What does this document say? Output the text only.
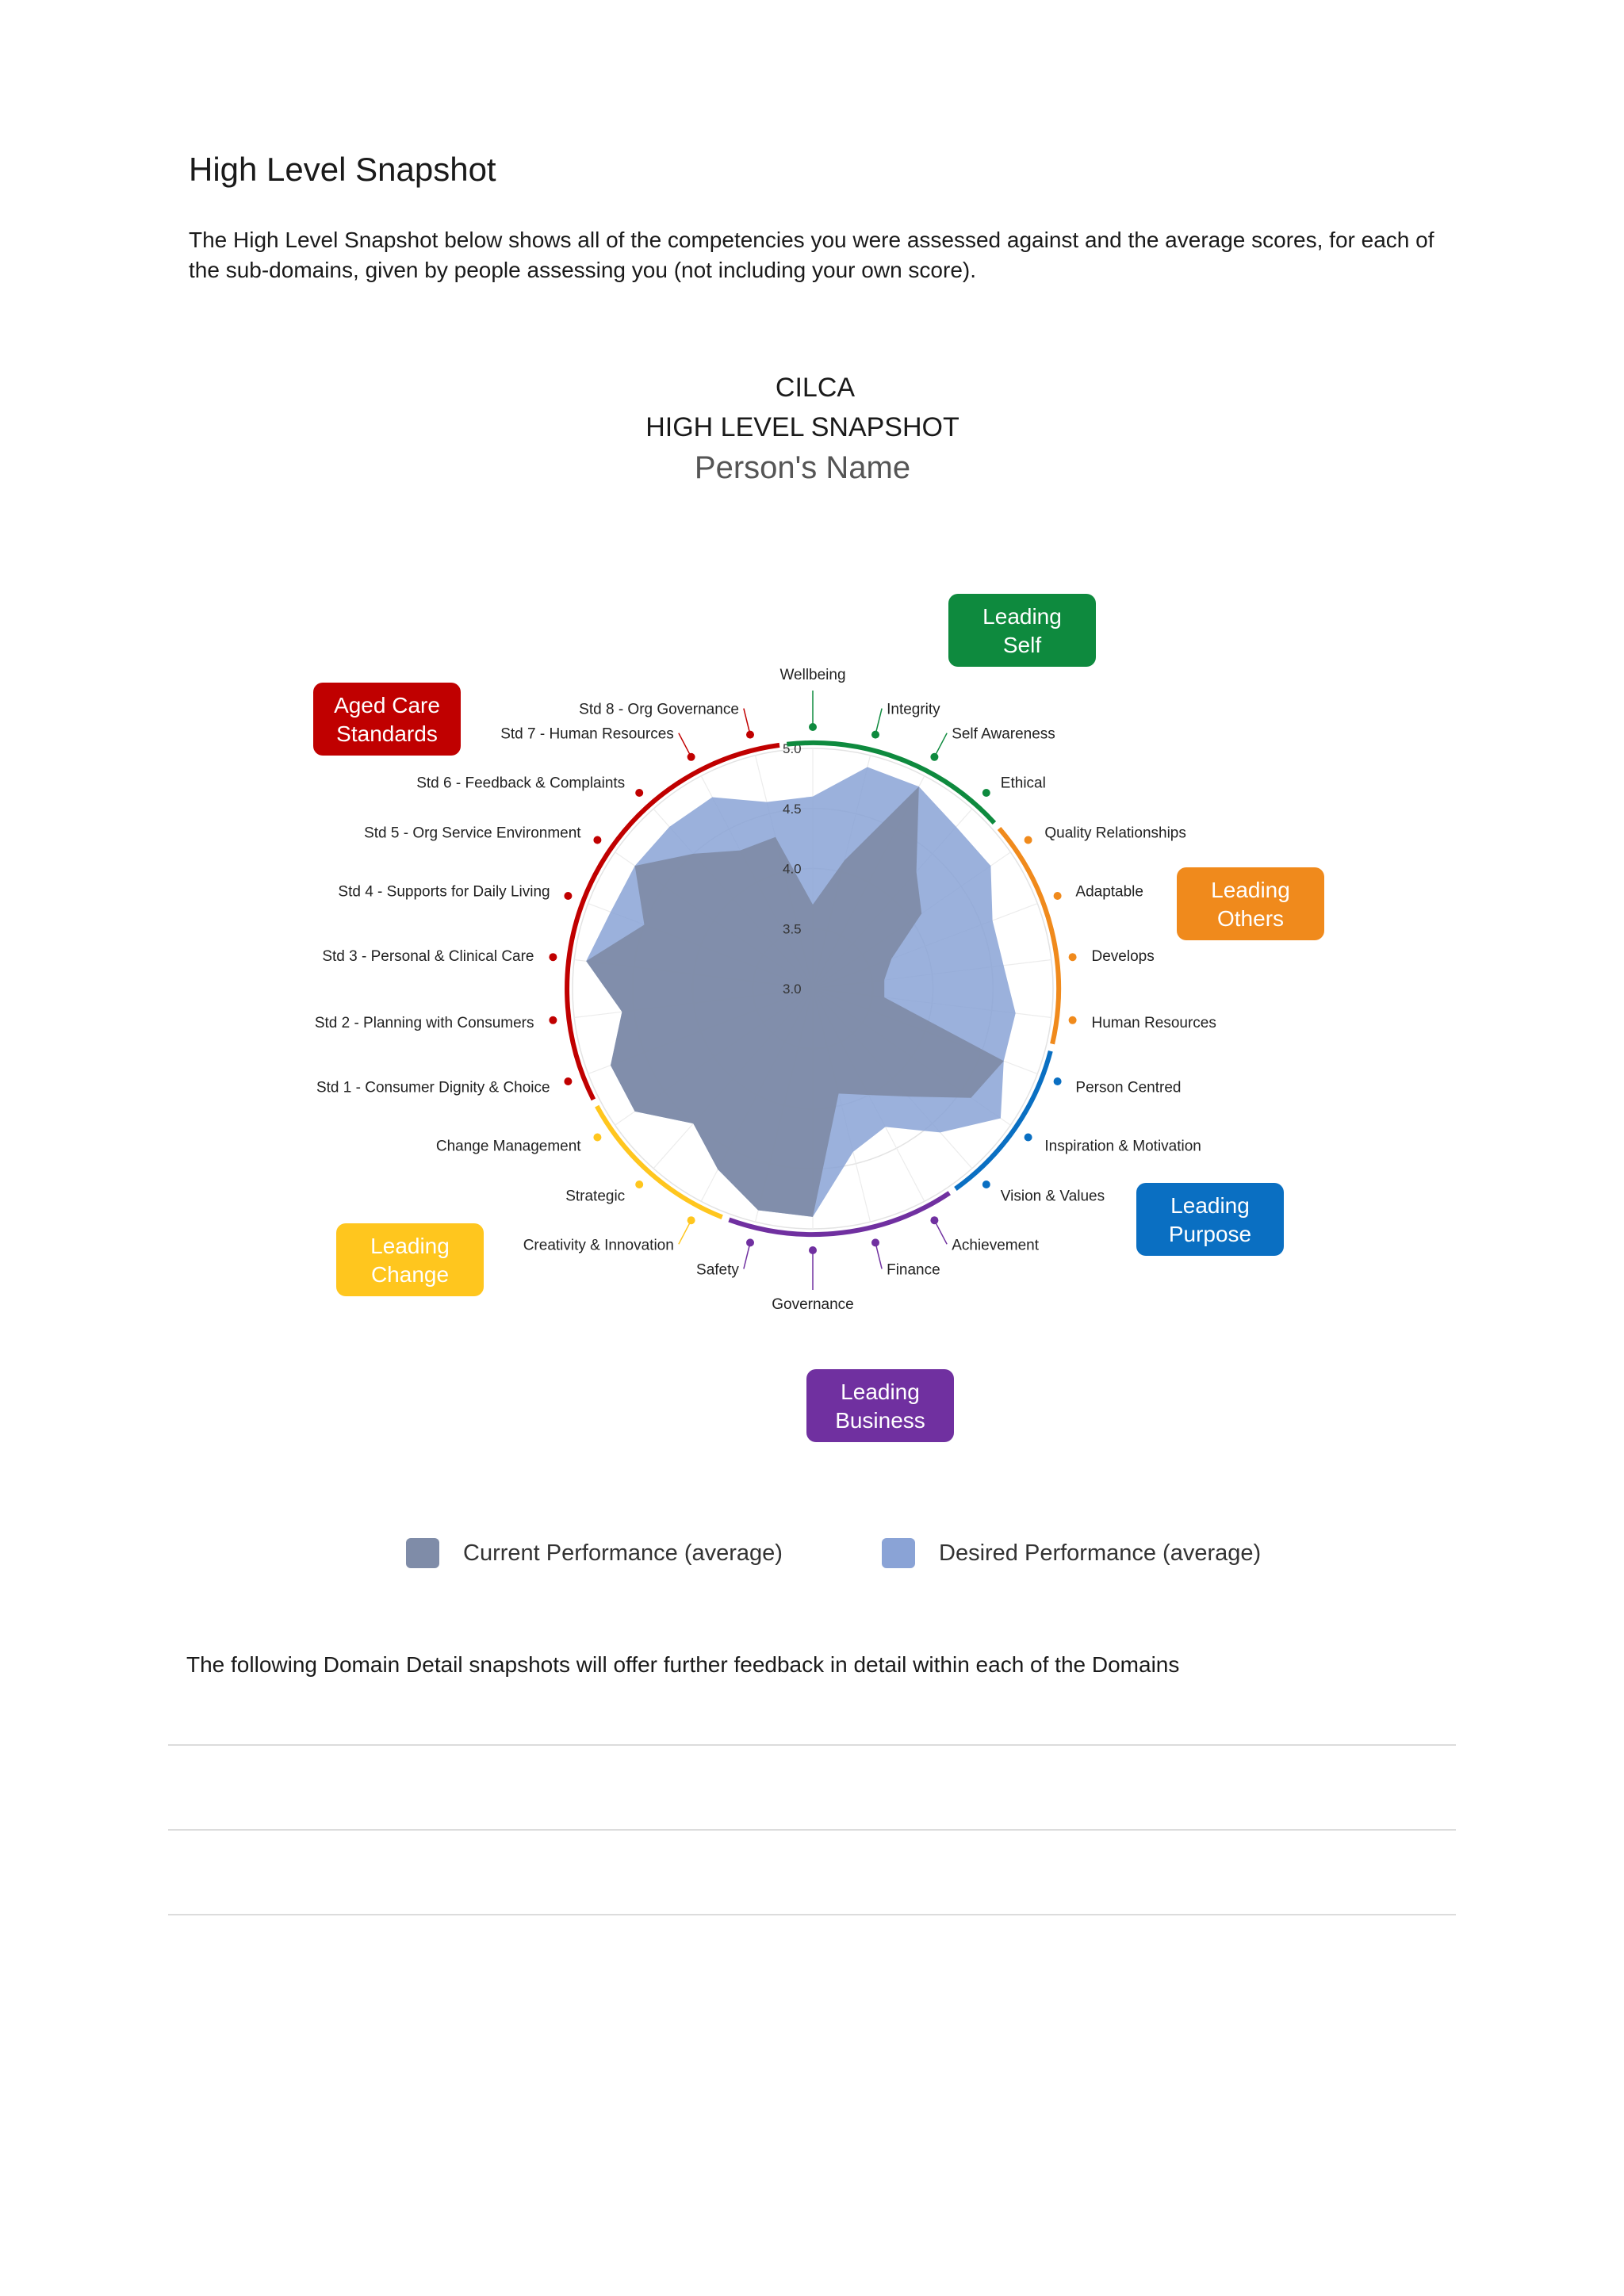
High Level Snapshot

The High Level Snapshot below shows all of the competencies you were assessed against and the average scores, for each of the sub-domains, given by people assessing you (not including your own score).

CILCA
HIGH LEVEL SNAPSHOT
Person's Name
3.0
3.5
4.0
4.5
5.0
Wellbeing
Integrity
Self Awareness
Ethical
Quality Relationships
Adaptable
Develops
Human Resources
Person Centred
Inspiration & Motivation
Vision & Values
Achievement
Finance
Governance
Safety
Creativity & Innovation
Strategic
Change Management
Std 1 - Consumer Dignity & Choice
Std 2 - Planning with Consumers
Std 3 - Personal & Clinical Care
Std 4 - Supports for Daily Living
Std 5 - Org Service Environment
Std 6 - Feedback & Complaints
Std 7 - Human Resources
Std 8 - Org Governance
Leading
Self
Leading
Others
Leading
Purpose
Leading
Business
Leading
Change
Aged Care
Standards
Current Performance (average)	Desired Performance (average)

The following Domain Detail snapshots will offer further feedback in detail within each of the Domains
